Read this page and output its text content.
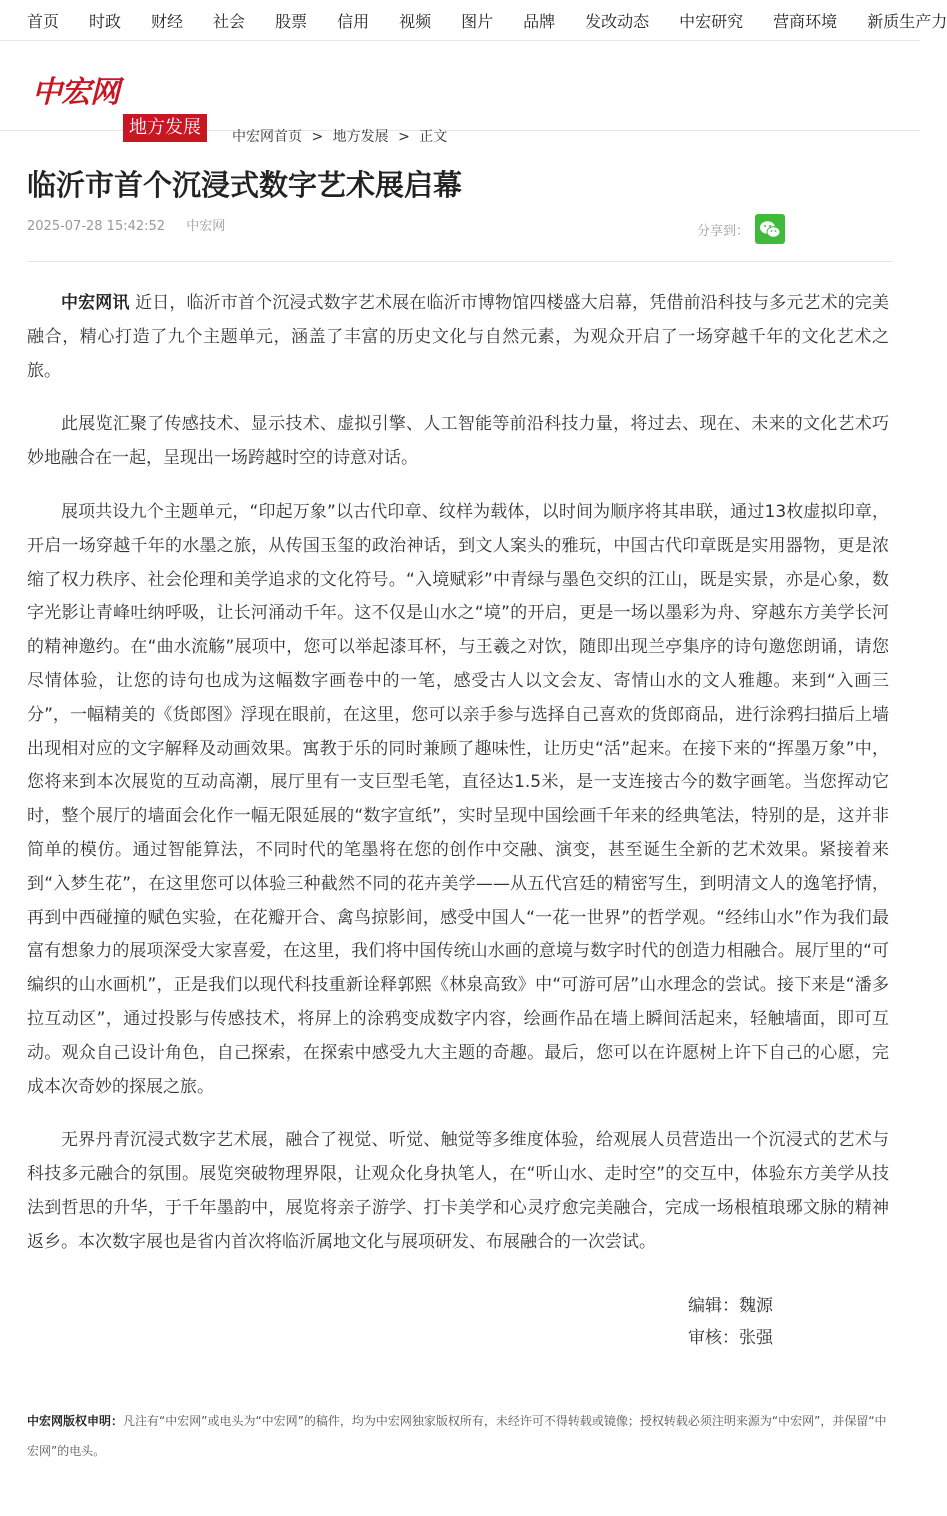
首页 时政 财经 社会 股票 信用 视频 图片 品牌 发改动态 中宏研究 营商环境 新质生产力
中宏网
地方发展	中宏网首页 > 地方发展 > 正文
临沂市首个沉浸式数字艺术展启幕
2025-07-28 15:42:52 中宏网	分享到：

中宏网讯 近日，临沂市首个沉浸式数字艺术展在临沂市博物馆四楼盛大启幕，凭借前沿科技与多元艺术的完美融合，精心打造了九个主题单元，涵盖了丰富的历史文化与自然元素，为观众开启了一场穿越千年的文化艺术之旅。

此展览汇聚了传感技术、显示技术、虚拟引擎、人工智能等前沿科技力量，将过去、现在、未来的文化艺术巧妙地融合在一起，呈现出一场跨越时空的诗意对话。

展项共设九个主题单元，“印起万象”以古代印章、纹样为载体，以时间为顺序将其串联，通过13枚虚拟印章，开启一场穿越千年的水墨之旅，从传国玉玺的政治神话，到文人案头的雅玩，中国古代印章既是实用器物，更是浓缩了权力秩序、社会伦理和美学追求的文化符号。“入境赋彩”中青绿与墨色交织的江山，既是实景，亦是心象，数字光影让青峰吐纳呼吸，让长河涌动千年。这不仅是山水之“境”的开启，更是一场以墨彩为舟、穿越东方美学长河的精神邀约。在“曲水流觞”展项中，您可以举起漆耳杯，与王羲之对饮，随即出现兰亭集序的诗句邀您朗诵，请您尽情体验，让您的诗句也成为这幅数字画卷中的一笔，感受古人以文会友、寄情山水的文人雅趣。来到“入画三分”，一幅精美的《货郎图》浮现在眼前，在这里，您可以亲手参与选择自己喜欢的货郎商品，进行涂鸦扫描后上墙出现相对应的文字解释及动画效果。寓教于乐的同时兼顾了趣味性，让历史“活”起来。在接下来的“挥墨万象”中，您将来到本次展览的互动高潮，展厅里有一支巨型毛笔，直径达1.5米，是一支连接古今的数字画笔。当您挥动它时，整个展厅的墙面会化作一幅无限延展的“数字宣纸”，实时呈现中国绘画千年来的经典笔法，特别的是，这并非简单的模仿。通过智能算法，不同时代的笔墨将在您的创作中交融、演变，甚至诞生全新的艺术效果。紧接着来到“入梦生花”，在这里您可以体验三种截然不同的花卉美学——从五代宫廷的精密写生，到明清文人的逸笔抒情，再到中西碰撞的赋色实验，在花瓣开合、禽鸟掠影间，感受中国人“一花一世界”的哲学观。“经纬山水”作为我们最富有想象力的展项深受大家喜爱，在这里，我们将中国传统山水画的意境与数字时代的创造力相融合。展厅里的“可编织的山水画机”，正是我们以现代科技重新诠释郭熙《林泉高致》中“可游可居”山水理念的尝试。接下来是“潘多拉互动区”，通过投影与传感技术，将屏上的涂鸦变成数字内容，绘画作品在墙上瞬间活起来，轻触墙面，即可互动。观众自己设计角色，自己探索，在探索中感受九大主题的奇趣。最后，您可以在许愿树上许下自己的心愿，完成本次奇妙的探展之旅。

无界丹青沉浸式数字艺术展，融合了视觉、听觉、触觉等多维度体验，给观展人员营造出一个沉浸式的艺术与科技多元融合的氛围。展览突破物理界限，让观众化身执笔人，在“听山水、走时空”的交互中，体验东方美学从技法到哲思的升华，于千年墨韵中，展览将亲子游学、打卡美学和心灵疗愈完美融合，完成一场根植琅琊文脉的精神返乡。本次数字展也是省内首次将临沂属地文化与展项研发、布展融合的一次尝试。

编辑：魏源
审核：张强
中宏网版权申明：凡注有“中宏网”或电头为“中宏网”的稿件，均为中宏网独家版权所有，未经许可不得转载或镜像；授权转载必须注明来源为“中宏网”，并保留“中宏网”的电头。
